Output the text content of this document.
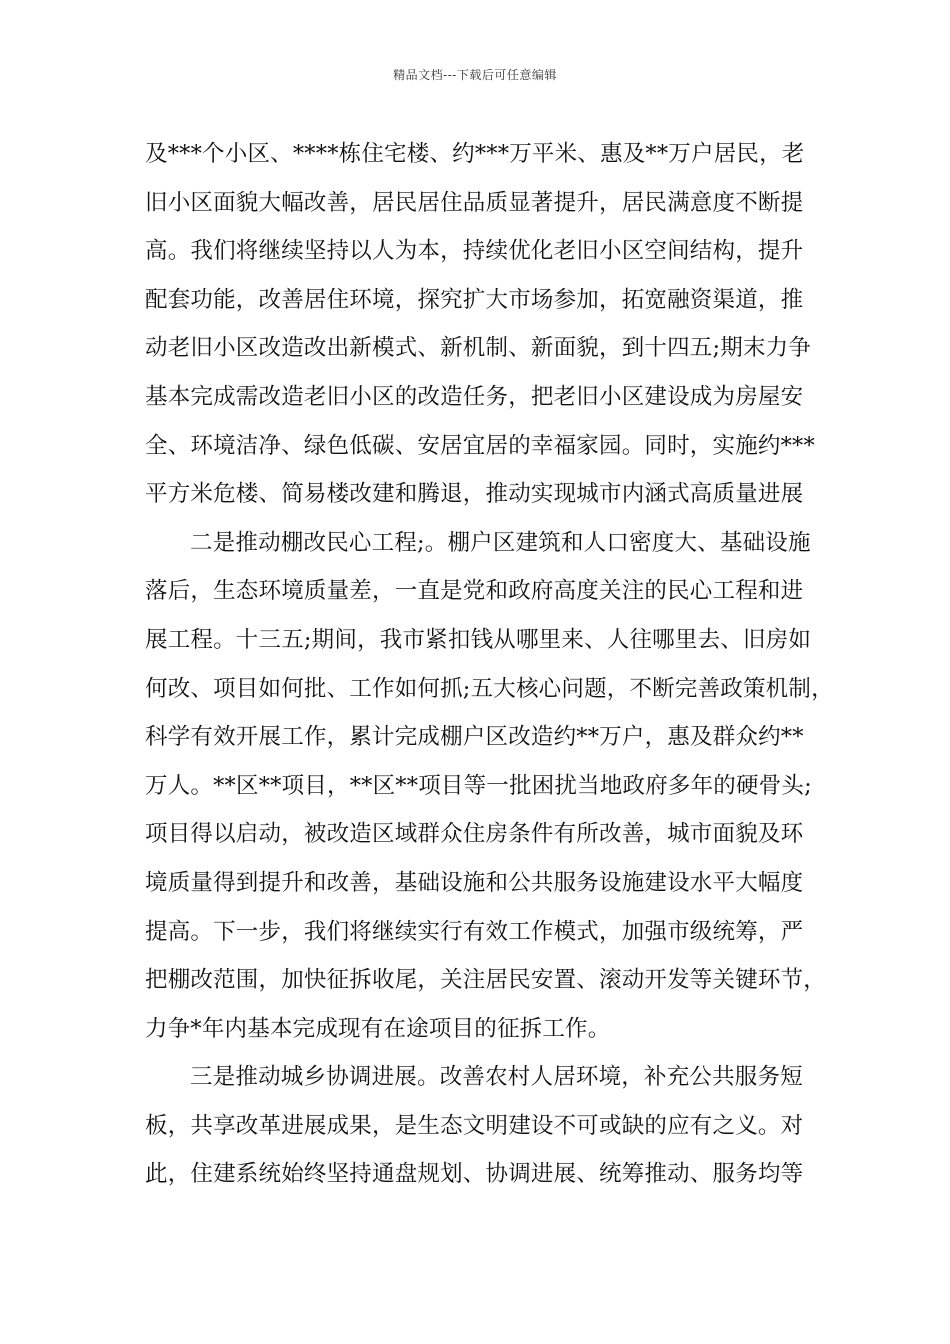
精品文档---下载后可任意编辑
及***个小区、****栋住宅楼、约***万平米、惠及**万户居民，老
旧小区面貌大幅改善，居民居住品质显著提升，居民满意度不断提
高。我们将继续坚持以人为本，持续优化老旧小区空间结构，提升
配套功能，改善居住环境，探究扩大市场参加，拓宽融资渠道，推
动老旧小区改造改出新模式、新机制、新面貌，到十四五;期末力争
基本完成需改造老旧小区的改造任务，把老旧小区建设成为房屋安
全、环境洁净、绿色低碳、安居宜居的幸福家园。同时，实施约***
平方米危楼、简易楼改建和腾退，推动实现城市内涵式高质量进展
二是推动棚改民心工程;。棚户区建筑和人口密度大、基础设施
落后，生态环境质量差，一直是党和政府高度关注的民心工程和进
展工程。十三五;期间，我市紧扣钱从哪里来、人往哪里去、旧房如
何改、项目如何批、工作如何抓;五大核心问题，不断完善政策机制，
科学有效开展工作，累计完成棚户区改造约**万户，惠及群众约**
万人。**区**项目，**区**项目等一批困扰当地政府多年的硬骨头;
项目得以启动，被改造区域群众住房条件有所改善，城市面貌及环
境质量得到提升和改善，基础设施和公共服务设施建设水平大幅度
提高。下一步，我们将继续实行有效工作模式，加强市级统筹，严
把棚改范围，加快征拆收尾，关注居民安置、滚动开发等关键环节，
力争*年内基本完成现有在途项目的征拆工作。
三是推动城乡协调进展。改善农村人居环境，补充公共服务短
板，共享改革进展成果，是生态文明建设不可或缺的应有之义。对
此，住建系统始终坚持通盘规划、协调进展、统筹推动、服务均等
